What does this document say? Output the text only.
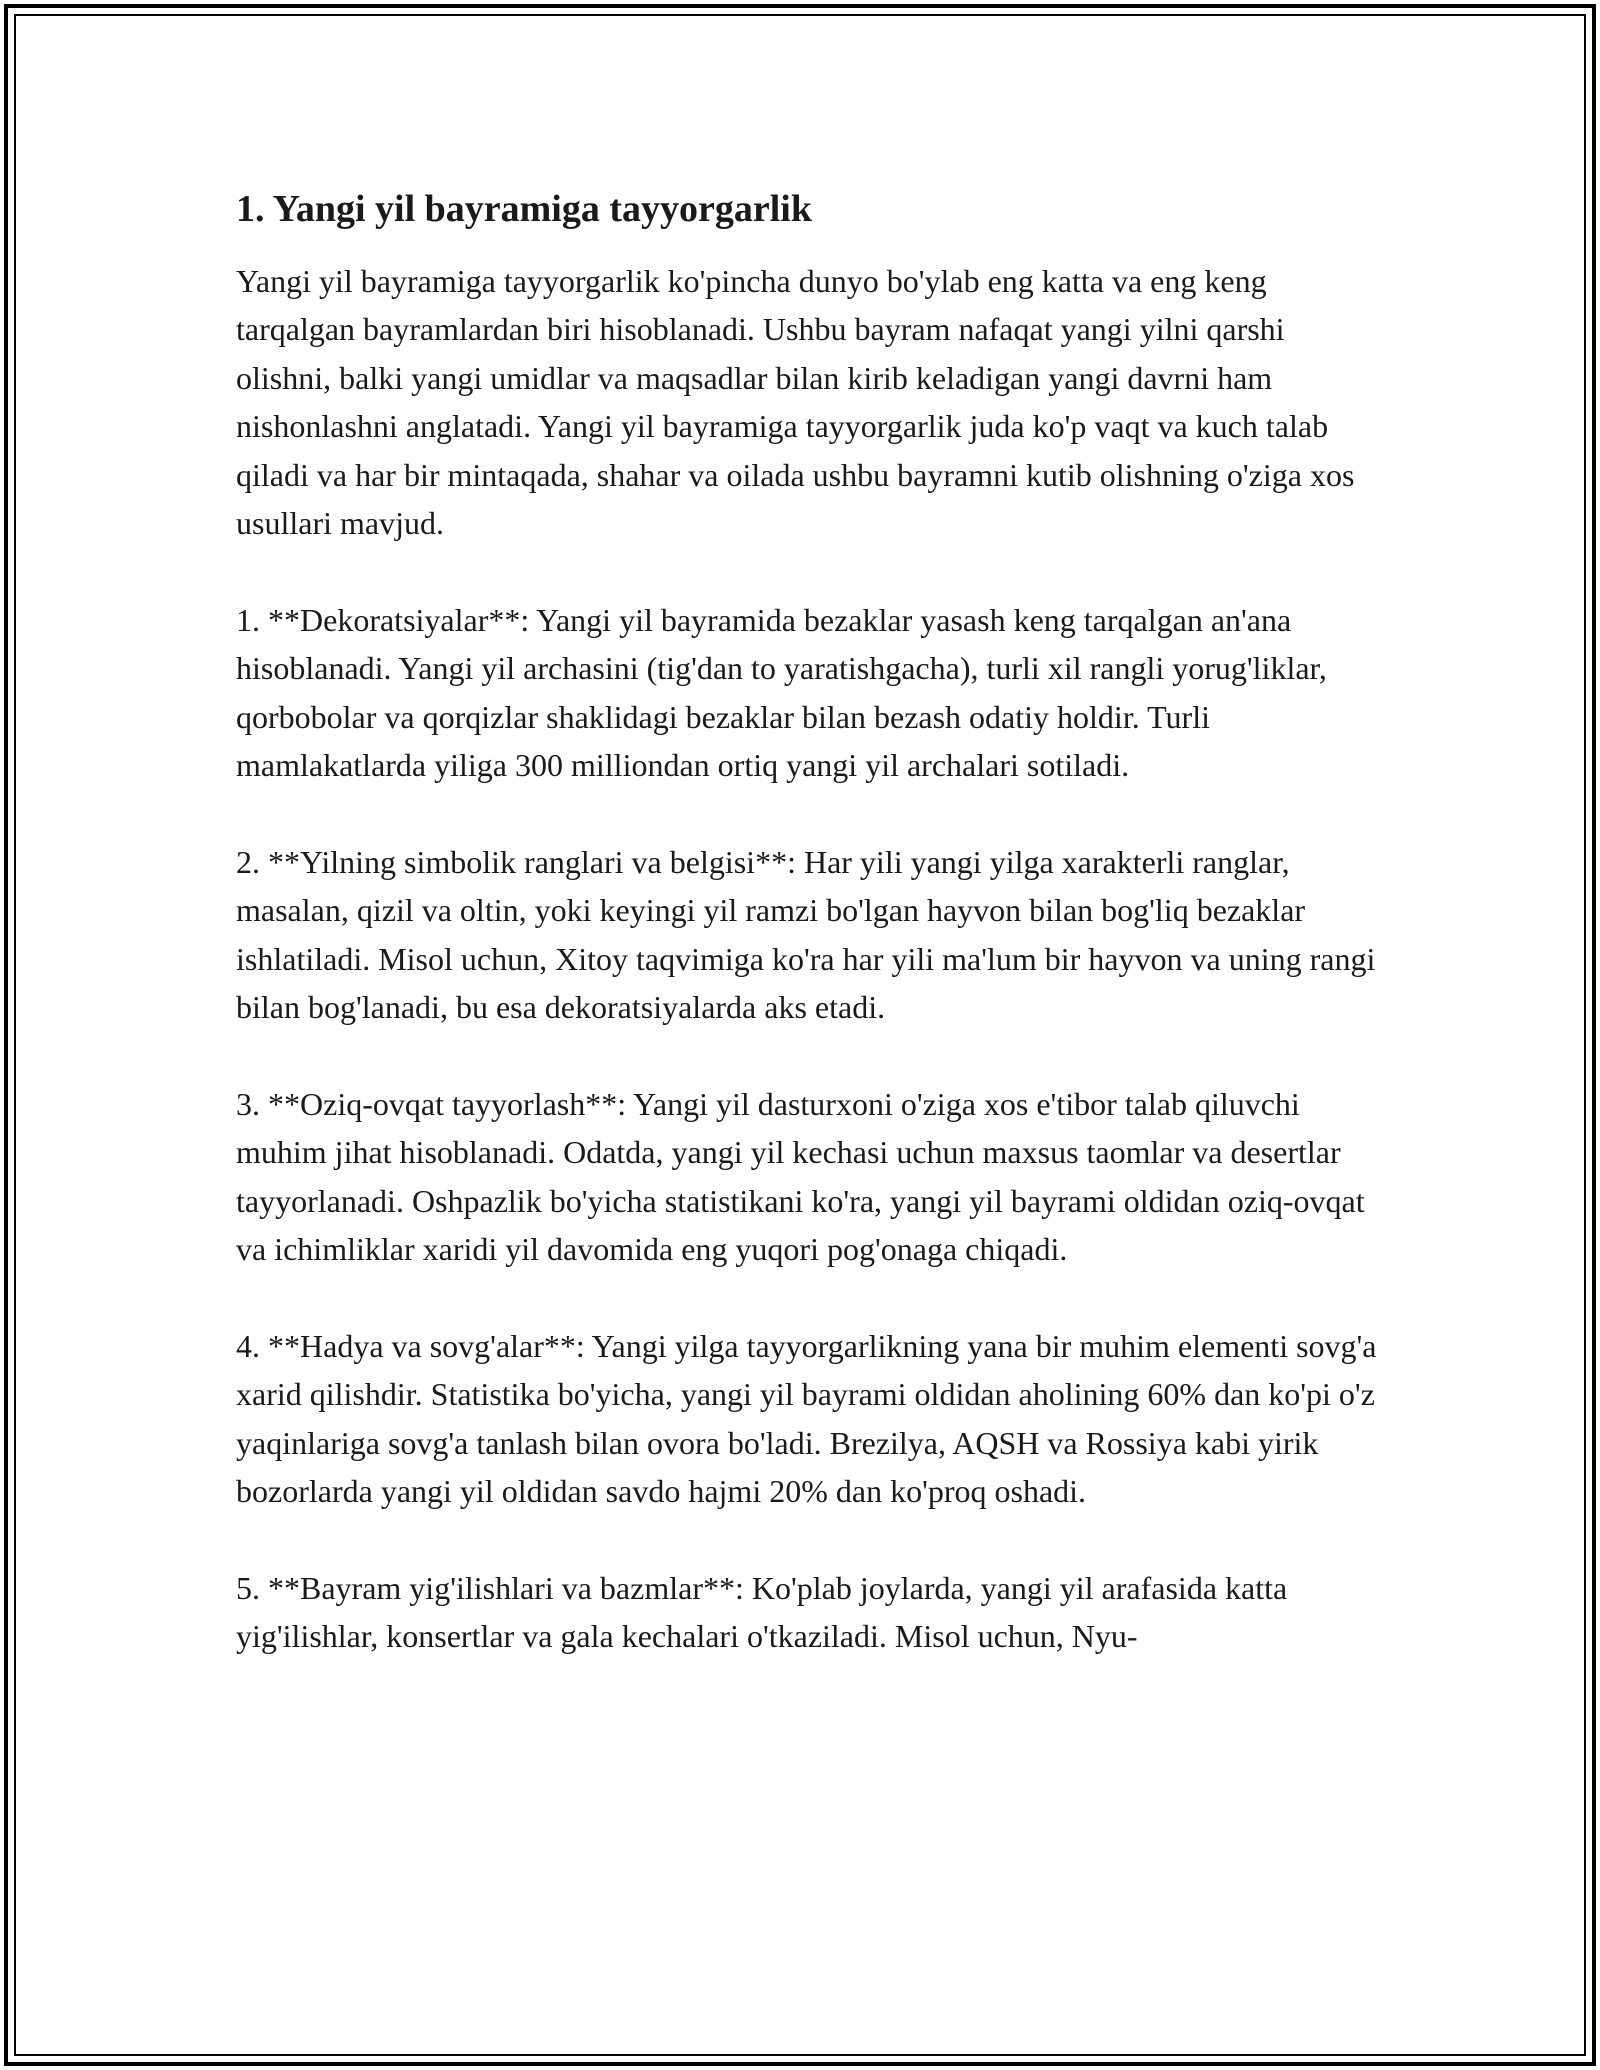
1. Yangi yil bayramiga tayyorgarlik

Yangi yil bayramiga tayyorgarlik ko'pincha dunyo bo'ylab eng katta va eng keng tarqalgan bayramlardan biri hisoblanadi. Ushbu bayram nafaqat yangi yilni qarshi olishni, balki yangi umidlar va maqsadlar bilan kirib keladigan yangi davrni ham nishonlashni anglatadi. Yangi yil bayramiga tayyorgarlik juda ko'p vaqt va kuch talab qiladi va har bir mintaqada, shahar va oilada ushbu bayramni kutib olishning o'ziga xos usullari mavjud.

1. **Dekoratsiyalar**: Yangi yil bayramida bezaklar yasash keng tarqalgan an'ana hisoblanadi. Yangi yil archasini (tig'dan to yaratishgacha), turli xil rangli yorug'liklar, qorbobolar va qorqizlar shaklidagi bezaklar bilan bezash odatiy holdir. Turli mamlakatlarda yiliga 300 milliondan ortiq yangi yil archalari sotiladi.

2. **Yilning simbolik ranglari va belgisi**: Har yili yangi yilga xarakterli ranglar, masalan, qizil va oltin, yoki keyingi yil ramzi bo'lgan hayvon bilan bog'liq bezaklar ishlatiladi. Misol uchun, Xitoy taqvimiga ko'ra har yili ma'lum bir hayvon va uning rangi bilan bog'lanadi, bu esa dekoratsiyalarda aks etadi.

3. **Oziq-ovqat tayyorlash**: Yangi yil dasturxoni o'ziga xos e'tibor talab qiluvchi muhim jihat hisoblanadi. Odatda, yangi yil kechasi uchun maxsus taomlar va desertlar tayyorlanadi. Oshpazlik bo'yicha statistikani ko'ra, yangi yil bayrami oldidan oziq-ovqat va ichimliklar xaridi yil davomida eng yuqori pog'onaga chiqadi.

4. **Hadya va sovg'alar**: Yangi yilga tayyorgarlikning yana bir muhim elementi sovg'a xarid qilishdir. Statistika bo'yicha, yangi yil bayrami oldidan aholining 60% dan ko'pi o'z yaqinlariga sovg'a tanlash bilan ovora bo'ladi. Brezilya, AQSH va Rossiya kabi yirik bozorlarda yangi yil oldidan savdo hajmi 20% dan ko'proq oshadi.

5. **Bayram yig'ilishlari va bazmlar**: Ko'plab joylarda, yangi yil arafasida katta yig'ilishlar, konsertlar va gala kechalari o'tkaziladi. Misol uchun, Nyu-
